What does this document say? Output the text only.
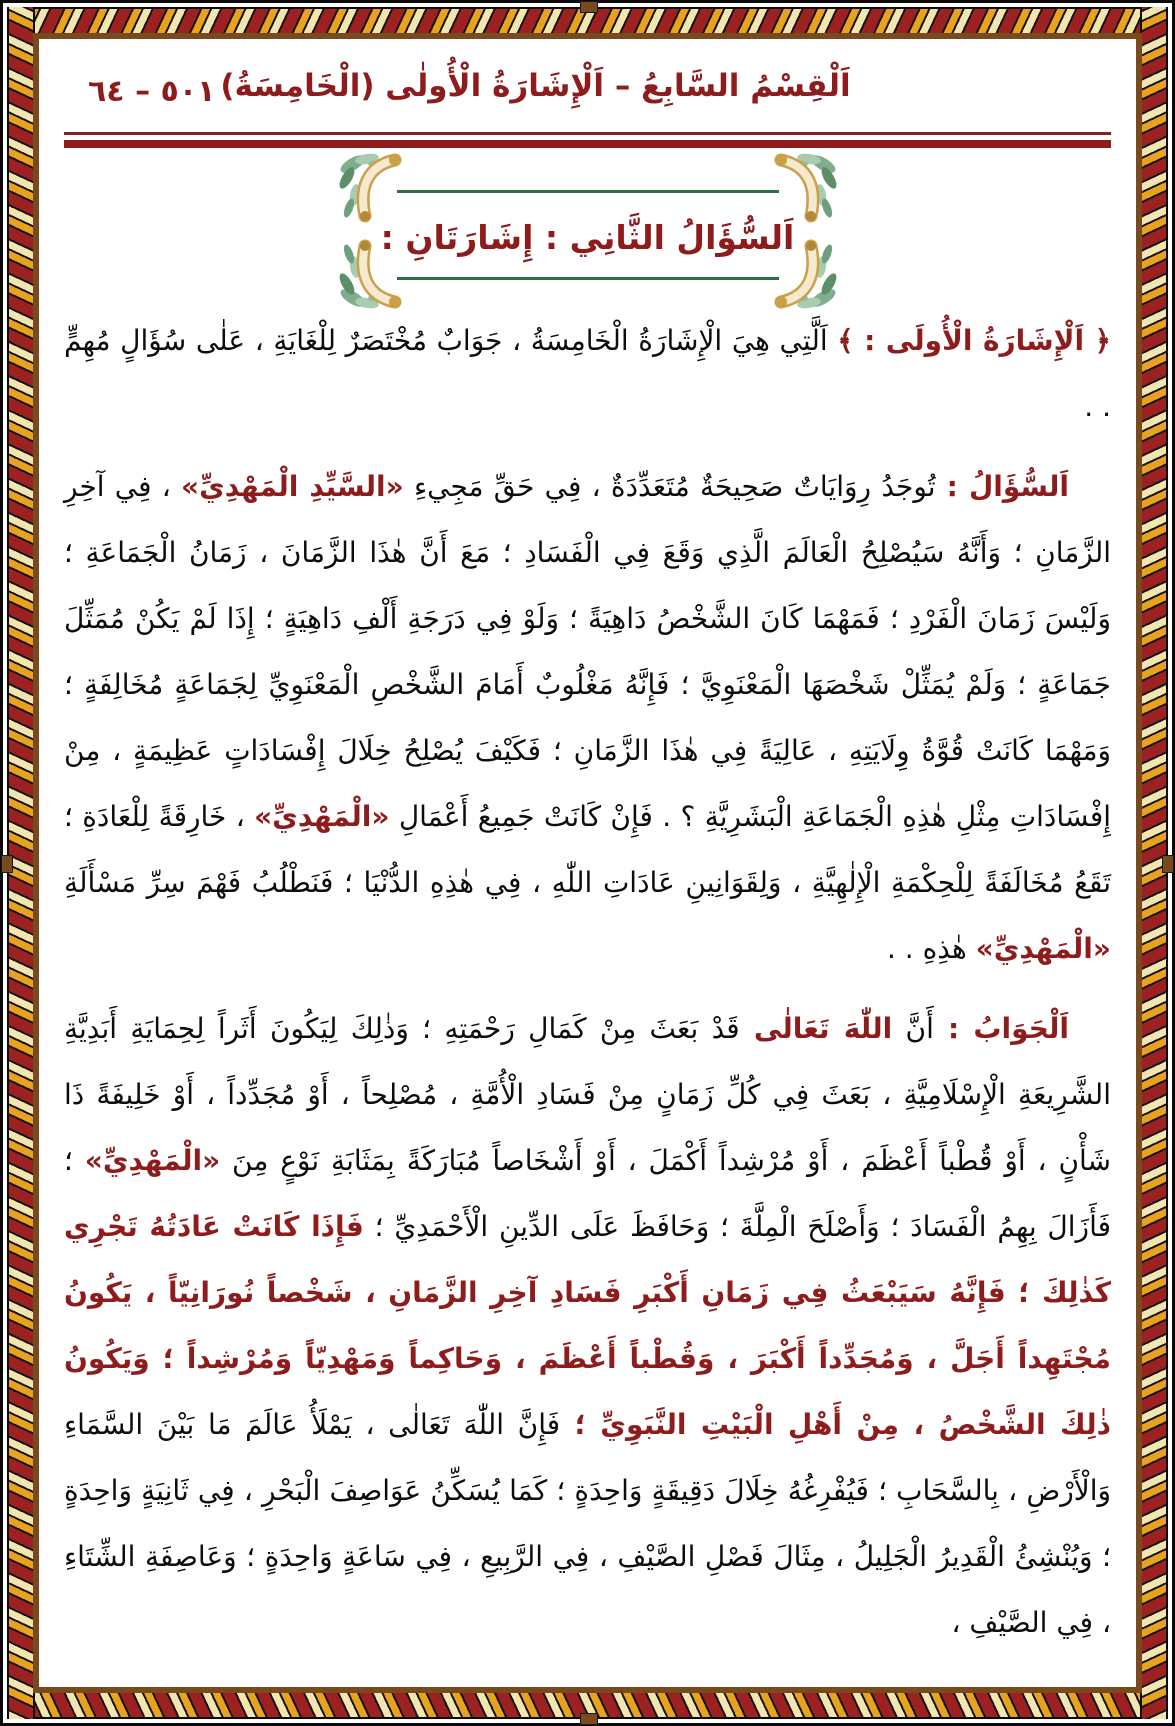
اَلْقِسْمُ السَّابِعُ – اَلْإِشَارَةُ الْأُولٰى (الْخَامِسَةُ)
٥٠١ – ٦٤
اَلسُّؤَالُ الثَّانِي : إِشَارَتَانِ :

﴿ اَلْإِشَارَةُ الْأُولَى : ﴾ اَلَّتِي هِيَ الْإِشَارَةُ الْخَامِسَةُ ، جَوَابٌ مُخْتَصَرٌ لِلْغَايَةِ ، عَلٰى سُؤَالٍ مُهِمٍّ . .

اَلسُّؤَالُ : تُوجَدُ رِوَايَاتٌ صَحِيحَةٌ مُتَعَدِّدَةٌ ، فِي حَقِّ مَجِيءِ «السَّيِّدِ الْمَهْدِيِّ» ، فِي آخِرِ الزَّمَانِ ؛ وَأَنَّهُ سَيُصْلِحُ الْعَالَمَ الَّذِي وَقَعَ فِي الْفَسَادِ ؛ مَعَ أَنَّ هٰذَا الزَّمَانَ ، زَمَانُ الْجَمَاعَةِ ؛ وَلَيْسَ زَمَانَ الْفَرْدِ ؛ فَمَهْمَا كَانَ الشَّخْصُ دَاهِيَةً ؛ وَلَوْ فِي دَرَجَةِ أَلْفِ دَاهِيَةٍ ؛ إِذَا لَمْ يَكُنْ مُمَثِّلَ جَمَاعَةٍ ؛ وَلَمْ يُمَثِّلْ شَخْصَهَا الْمَعْنَوِيَّ ؛ فَإِنَّهُ مَغْلُوبٌ أَمَامَ الشَّخْصِ الْمَعْنَوِيِّ لِجَمَاعَةٍ مُخَالِفَةٍ ؛ وَمَهْمَا كَانَتْ قُوَّةُ وِلَايَتِهِ ، عَالِيَةً فِي هٰذَا الزَّمَانِ ؛ فَكَيْفَ يُصْلِحُ خِلَالَ إِفْسَادَاتٍ عَظِيمَةٍ ، مِنْ إِفْسَادَاتِ مِثْلِ هٰذِهِ الْجَمَاعَةِ الْبَشَرِيَّةِ ؟ . فَإِنْ كَانَتْ جَمِيعُ أَعْمَالِ «الْمَهْدِيِّ» ، خَارِقَةً لِلْعَادَةِ ؛ تَقَعُ مُخَالَفَةً لِلْحِكْمَةِ الْإِلٰهِيَّةِ ، وَلِقَوَانِينِ عَادَاتِ اللّٰهِ ، فِي هٰذِهِ الدُّنْيَا ؛ فَنَطْلُبُ فَهْمَ سِرِّ مَسْأَلَةِ «الْمَهْدِيِّ» هٰذِهِ . .

اَلْجَوَابُ : أَنَّ اللّٰهَ تَعَالٰى قَدْ بَعَثَ مِنْ كَمَالِ رَحْمَتِهِ ؛ وَذٰلِكَ لِيَكُونَ أَثَراً لِحِمَايَةِ أَبَدِيَّةِ الشَّرِيعَةِ الْإِسْلَامِيَّةِ ، بَعَثَ فِي كُلِّ زَمَانٍ مِنْ فَسَادِ الْأُمَّةِ ، مُصْلِحاً ، أَوْ مُجَدِّداً ، أَوْ خَلِيفَةً ذَا شَأْنٍ ، أَوْ قُطْباً أَعْظَمَ ، أَوْ مُرْشِداً أَكْمَلَ ، أَوْ أَشْخَاصاً مُبَارَكَةً بِمَثَابَةِ نَوْعٍ مِنَ «الْمَهْدِيِّ» ؛ فَأَزَالَ بِهِمُ الْفَسَادَ ؛ وَأَصْلَحَ الْمِلَّةَ ؛ وَحَافَظَ عَلَى الدِّينِ الْأَحْمَدِيِّ ؛ فَإِذَا كَانَتْ عَادَتُهُ تَجْرِي كَذٰلِكَ ؛ فَإِنَّهُ سَيَبْعَثُ فِي زَمَانِ أَكْبَرِ فَسَادِ آخِرِ الزَّمَانِ ، شَخْصاً نُورَانِيّاً ، يَكُونُ مُجْتَهِداً أَجَلَّ ، وَمُجَدِّداً أَكْبَرَ ، وَقُطْباً أَعْظَمَ ، وَحَاكِماً وَمَهْدِيّاً وَمُرْشِداً ؛ وَيَكُونُ ذٰلِكَ الشَّخْصُ ، مِنْ أَهْلِ الْبَيْتِ النَّبَوِيِّ ؛ فَإِنَّ اللّٰهَ تَعَالٰى ، يَمْلَأُ عَالَمَ مَا بَيْنَ السَّمَاءِ وَالْأَرْضِ ، بِالسَّحَابِ ؛ فَيُفْرِغُهُ خِلَالَ دَقِيقَةٍ وَاحِدَةٍ ؛ كَمَا يُسَكِّنُ عَوَاصِفَ الْبَحْرِ ، فِي ثَانِيَةٍ وَاحِدَةٍ ؛ وَيُنْشِئُ الْقَدِيرُ الْجَلِيلُ ، مِثَالَ فَصْلِ الصَّيْفِ ، فِي الرَّبِيعِ ، فِي سَاعَةٍ وَاحِدَةٍ ؛ وَعَاصِفَةِ الشِّتَاءِ ، فِي الصَّيْفِ ،
